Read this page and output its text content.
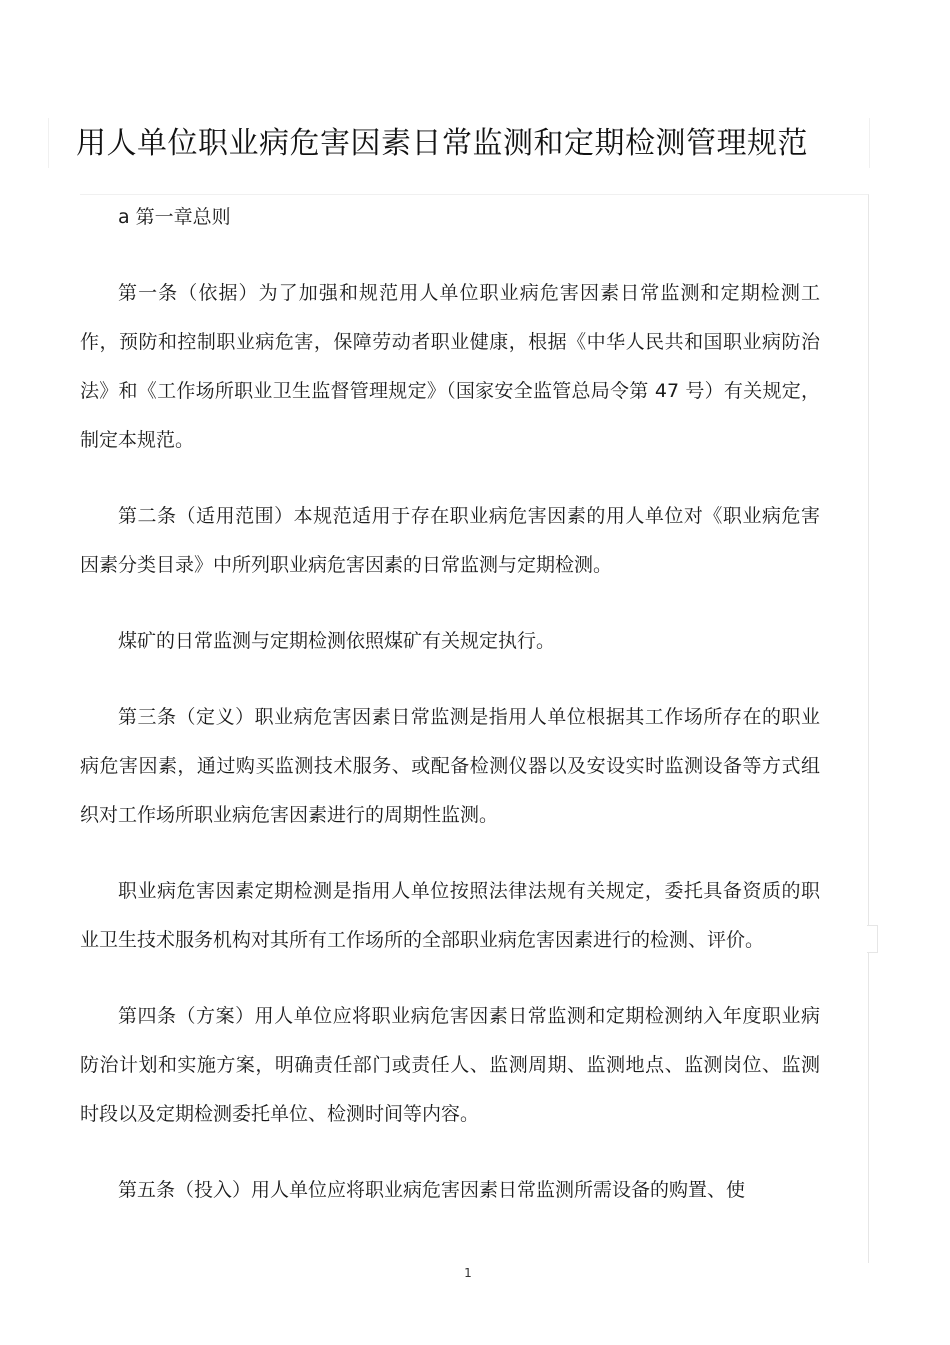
用人单位职业病危害因素日常监测和定期检测管理规范

a 第一章总则

第一条（依据）为了加强和规范用人单位职业病危害因素日常监测和定期检测工作，预防和控制职业病危害，保障劳动者职业健康，根据《中华人民共和国职业病防治法》和《工作场所职业卫生监督管理规定》（国家安全监管总局令第 47 号）有关规定，制定本规范。

第二条（适用范围）本规范适用于存在职业病危害因素的用人单位对《职业病危害因素分类目录》中所列职业病危害因素的日常监测与定期检测。

煤矿的日常监测与定期检测依照煤矿有关规定执行。

第三条（定义）职业病危害因素日常监测是指用人单位根据其工作场所存在的职业病危害因素，通过购买监测技术服务、或配备检测仪器以及安设实时监测设备等方式组织对工作场所职业病危害因素进行的周期性监测。

职业病危害因素定期检测是指用人单位按照法律法规有关规定，委托具备资质的职业卫生技术服务机构对其所有工作场所的全部职业病危害因素进行的检测、评价。

第四条（方案）用人单位应将职业病危害因素日常监测和定期检测纳入年度职业病防治计划和实施方案，明确责任部门或责任人、监测周期、监测地点、监测岗位、监测时段以及定期检测委托单位、检测时间等内容。

第五条（投入）用人单位应将职业病危害因素日常监测所需设备的购置、使

1
